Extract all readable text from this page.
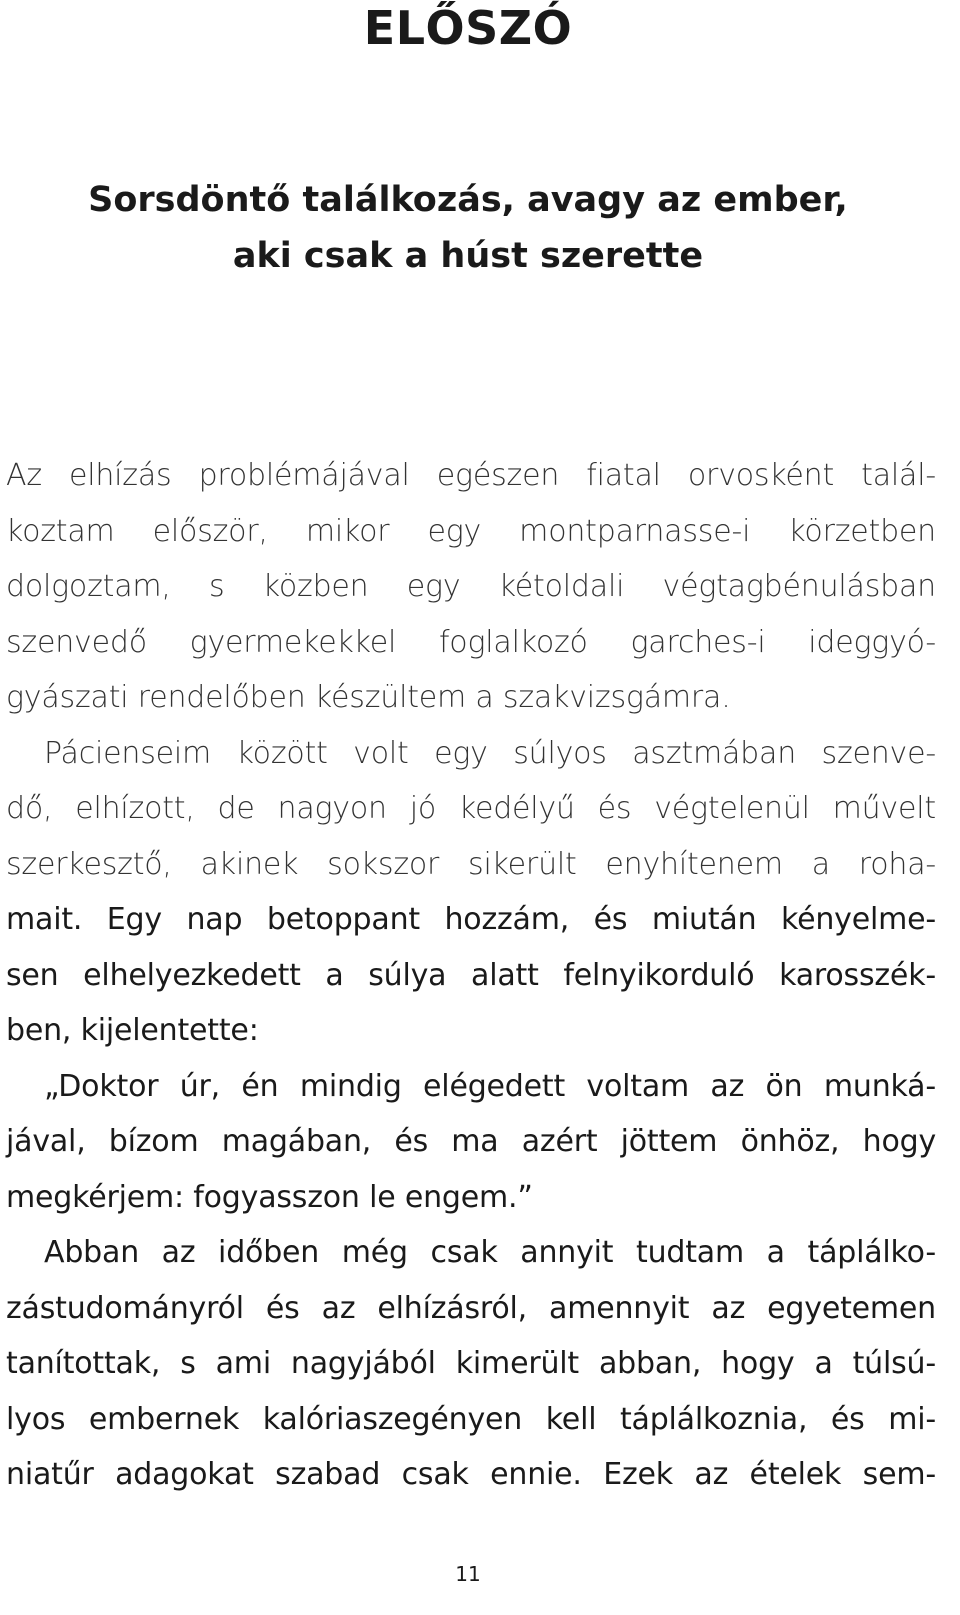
ELŐSZÓ
Sorsdöntő találkozás, avagy az ember,
aki csak a húst szerette
Az elhízás problémájával egészen fiatal orvosként talál-
koztam először, mikor egy montparnasse-i körzetben
dolgoztam, s közben egy kétoldali végtagbénulásban
szenvedő gyermekekkel foglalkozó garches-i ideggyó-
gyászati rendelőben készültem a szakvizsgámra.
Pácienseim között volt egy súlyos asztmában szenve-
dő, elhízott, de nagyon jó kedélyű és végtelenül művelt
szerkesztő, akinek sokszor sikerült enyhítenem a roha-
mait. Egy nap betoppant hozzám, és miután kényelme-
sen elhelyezkedett a súlya alatt felnyikorduló karosszék-
ben, kijelentette:
„Doktor úr, én mindig elégedett voltam az ön munká-
jával, bízom magában, és ma azért jöttem önhöz, hogy
megkérjem: fogyasszon le engem.”
Abban az időben még csak annyit tudtam a táplálko-
zástudományról és az elhízásról, amennyit az egyetemen
tanítottak, s ami nagyjából kimerült abban, hogy a túlsú-
lyos embernek kalóriaszegényen kell táplálkoznia, és mi-
niatűr adagokat szabad csak ennie. Ezek az ételek sem-
11
